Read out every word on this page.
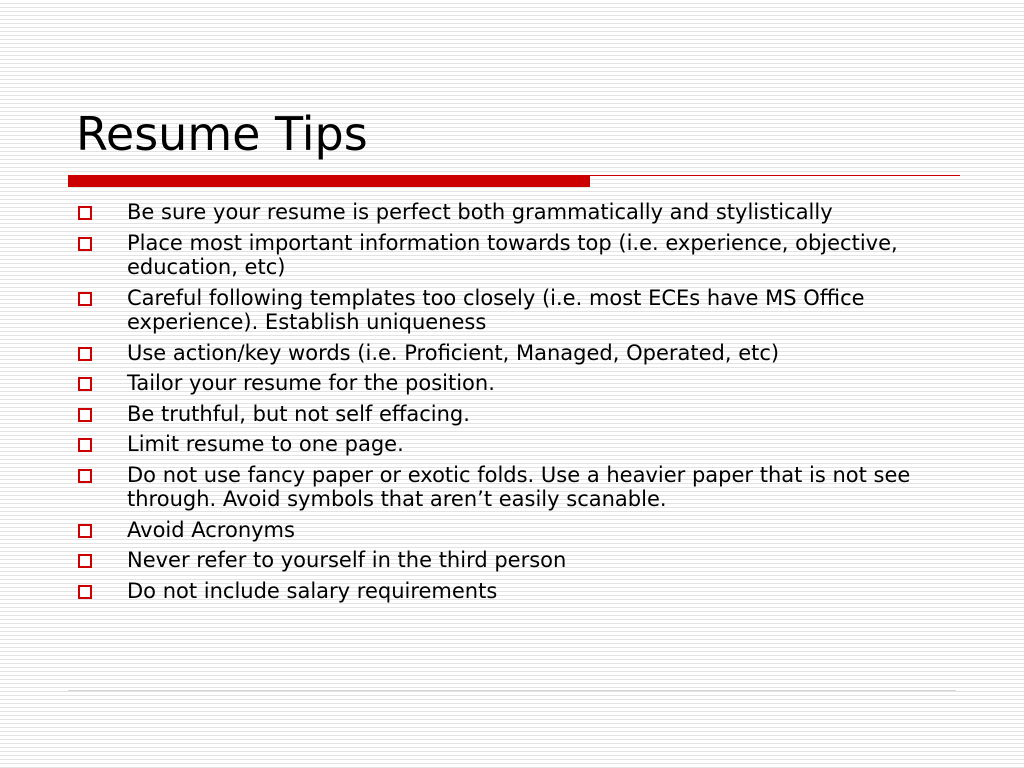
Resume Tips
Be sure your resume is perfect both grammatically and stylistically
Place most important information towards top (i.e. experience, objective, education, etc)
Careful following templates too closely (i.e. most ECEs have MS Office experience). Establish uniqueness
Use action/key words (i.e. Proficient, Managed, Operated, etc)
Tailor your resume for the position.
Be truthful, but not self effacing.
Limit resume to one page.
Do not use fancy paper or exotic folds. Use a heavier paper that is not see through. Avoid symbols that aren’t easily scanable.
Avoid Acronyms
Never refer to yourself in the third person
Do not include salary requirements
